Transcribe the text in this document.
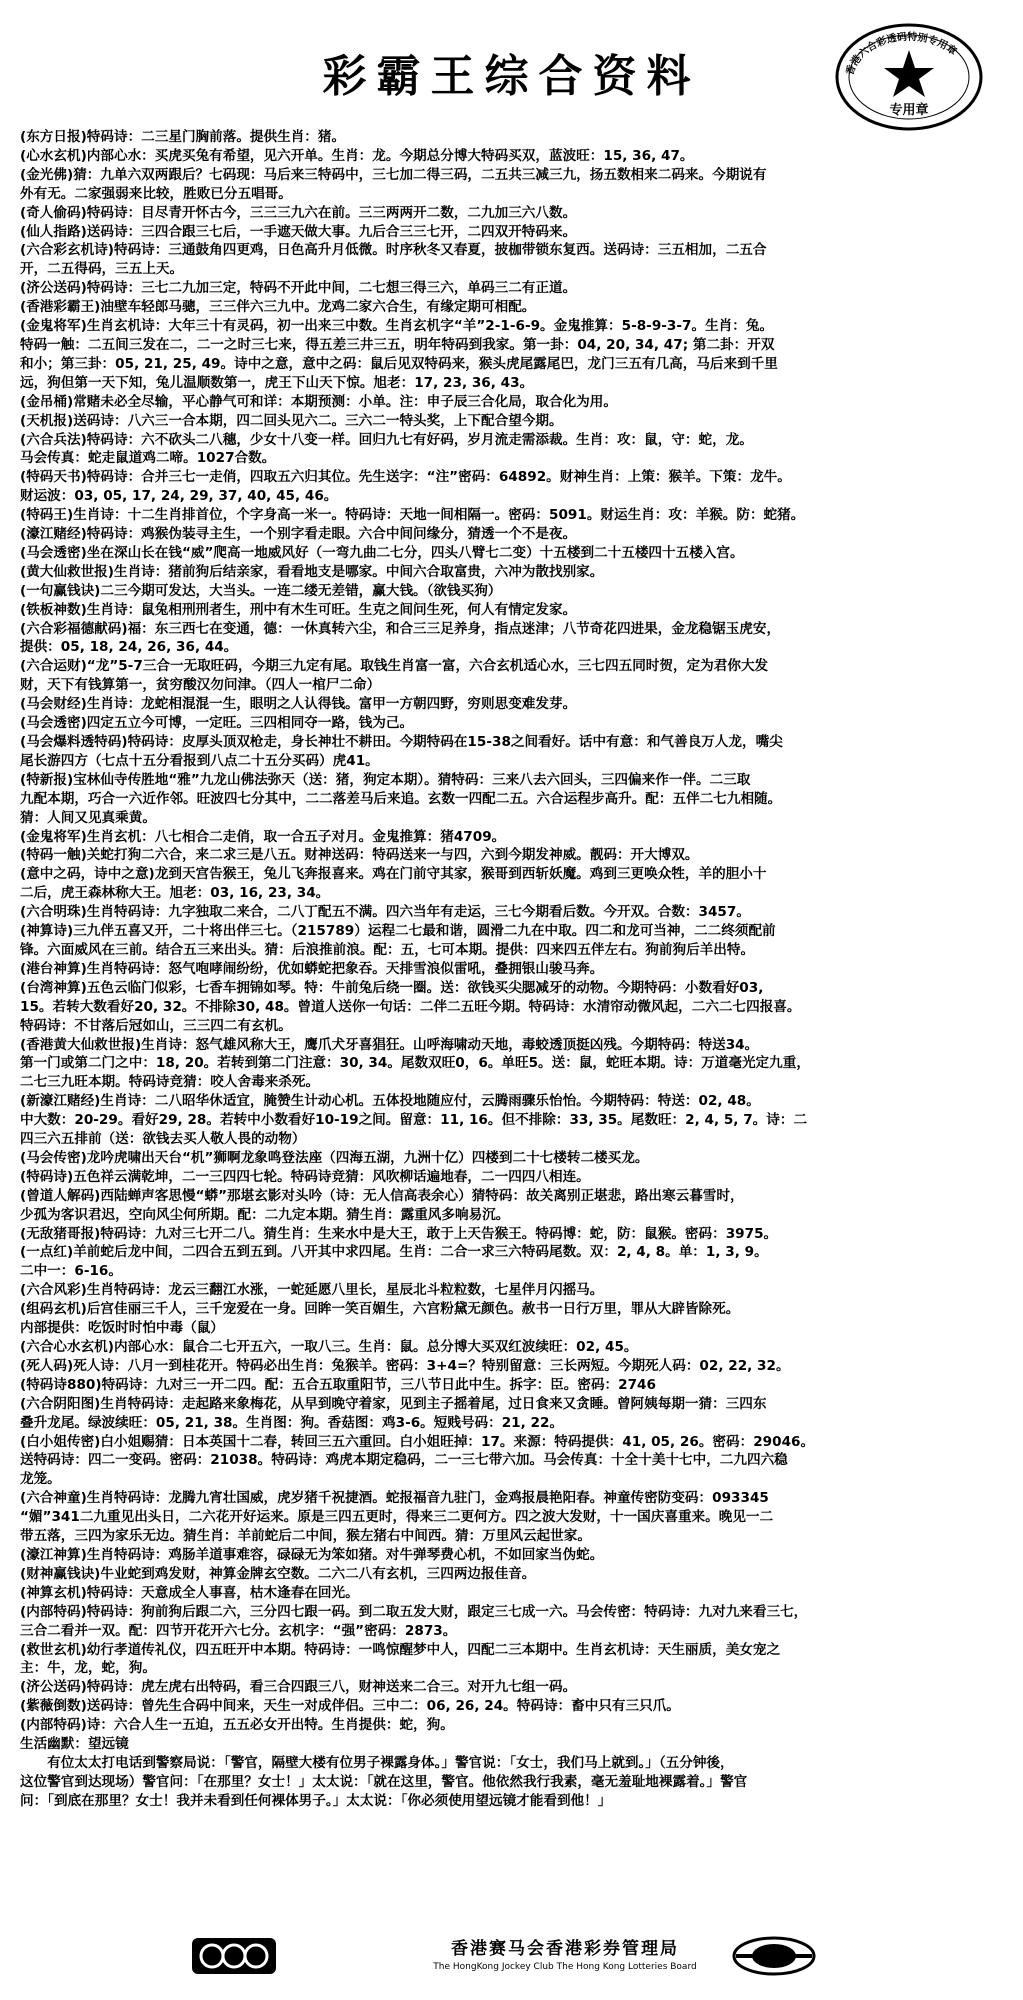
彩霸王综合资料
专用章
香港六合彩透码特别专用章
(东方日报)特码诗：二三星门胸前落。提供生肖：猪。
(心水玄机)内部心水：买虎买兔有希望，见六开单。生肖：龙。今期总分博大特码买双，蓝波旺：15, 36, 47。
(金光佛)猜：九单六双两跟后？七码现：马后来三特码中，三七加二得三码，二五共三减三九，扬五数相来二码来。今期说有
外有无。二家强弱来比较，胜败已分五唱哥。
(奇人偷码)特码诗：目尽青开怀古今，三三三九六在前。三三两两开二数，二九加三六八数。
(仙人指路)送码诗：三四合跟三七后，一手遮天做大事。九后合三三七开，二四双开特码来。
(六合彩玄机诗)特码诗：三通鼓角四更鸡，日色高升月低微。时序秋冬又春夏，披枷带锁东复西。送码诗：三五相加，二五合
开，二五得码，三五上天。
(济公送码)特码诗：三七二九加三定，特码不开此中间，二七想三得三六，单码三二有正道。
(香港彩霸王)油壁车轻郎马骢，三三伴六三九中。龙鸡二家六合生，有缘定期可相配。
(金鬼将军)生肖玄机诗：大年三十有灵码，初一出来三中数。生肖玄机字“羊”2-1-6-9。金鬼推算：5-8-9-3-7。生肖：兔。
特码一触：二五间三发在二，二一之时三七来，得五差三井三五，明年特码到我家。第一卦：04, 20, 34, 47; 第二卦：开双
和小；第三卦：05, 21, 25, 49。诗中之意，意中之码：鼠后见双特码来，猴头虎尾露尾巴，龙门三五有几高，马后来到千里
远，狗但第一天下知，兔儿温顺数第一，虎王下山天下惊。旭老：17, 23, 36, 43。
(金吊桶)常赌未必全尽输，平心静气可和详：本期预测：小单。注：申子辰三合化局，取合化为用。
(天机报)送码诗：八六三一合本期，四二回头见六二。三六二一特头奖，上下配合望今期。
(六合兵法)特码诗：六不砍头二八穗，少女十八变一样。回归九七有好码，岁月流走需添裁。生肖：攻：鼠，守：蛇，龙。
马会传真：蛇走鼠道鸡二啼。1027合数。
(特码天书)特码诗：合并三七一走俏，四取五六归其位。先生送字：“注”密码：64892。财神生肖：上策：猴羊。下策：龙牛。
财运波：03, 05, 17, 24, 29, 37, 40, 45, 46。
(特码王)生肖诗：十二生肖排首位，个字身高一米一。特码诗：天地一间相隔一。密码：5091。财运生肖：攻：羊猴。防：蛇猪。
(濠江赌经)特码诗：鸡猴伪装寻主生，一个别字看走眼。六合中间问缘分，猜透一个不是夜。
(马会透密)坐在深山长在钱“威”爬高一地威风好（一弯九曲二七分，四头八臂七二变）十五楼到二十五楼四十五楼入宫。
(黄大仙救世报)生肖诗：猪前狗后结亲家，看看地支是哪家。中间六合取富贵，六冲为散找别家。
(一句赢钱诀)二三今期可发达，大当头。一连二缕无差错，赢大钱。（欲钱买狗）
(铁板神数)生肖诗：鼠兔相刑刑者生，刑中有木生可旺。生克之间问生死，何人有情定发家。
(六合彩福德献码)福：东三西七在变通，德：一休真转六尘，和合三三足养身，指点迷津；八节奇花四进果，金龙稳锯玉虎安，
提供：05, 18, 24, 26, 36, 44。
(六合运财)“龙”5-7三合一无取旺码，今期三九定有尾。取钱生肖富一富，六合玄机适心水，三七四五同时贺，定为君你大发
财，天下有钱算第一，贫穷酸汉勿问津。（四人一棺尸二命）
(马会财经)生肖诗：龙蛇相混混一生，眼明之人认得钱。富甲一方朝四野，穷则思变难发芽。
(马会透密)四定五立今可博，一定旺。三四相同夺一路，钱为己。
(马会爆料透特码)特码诗：皮厚头顶双枪走，身长神壮不耕田。今期特码在15-38之间看好。话中有意：和气善良万人龙，嘴尖
尾长游四方（七点十五分看报到八点二十五分买码）虎41。
(特新报)宝林仙寺传胜地“雅”九龙山佛法弥天（送：猪，狗定本期）。猜特码：三来八去六回头，三四偏来作一伴。二三取
九配本期，巧合一六近作邻。旺波四七分其中，二二落差马后来追。玄数一四配二五。六合运程步高升。配：五伴二七九相随。
猜：人间又见真乘黄。
(金鬼将军)生肖玄机：八七相合二走俏，取一合五子对月。金鬼推算：猪4709。
(特码一触)关蛇打狗二六合，来二求三是八五。财神送码：特码送来一与四，六到今期发神威。靓码：开大博双。
(意中之码，诗中之意)龙到天宫告猴王，兔儿飞奔报喜来。鸡在门前守其家，猴哥到西斩妖魔。鸡到三更唤众牲，羊的胆小十
二后，虎王森林称大王。旭老：03, 16, 23, 34。
(六合明珠)生肖特码诗：九字独取二来合，二八丁配五不满。四六当年有走运，三七今期看后数。今开双。合数：3457。
(神算诗)三九伴五喜又开，二十将出伴三七。（215789）运程二七最和谐，圆滑二九在中取。四二和龙可当神，二二终须配前
锋。六面威风在三前。结合五三来出头。猜：后浪推前浪。配：五，七可本期。提供：四来四五伴左右。狗前狗后羊出特。
(港台神算)生肖特码诗：怒气咆哮闹纷纷，优如蟒蛇把象吞。天排雪浪似雷吼，叠拥银山骏马奔。
(台湾神算)五色云临门似彩，七香车拥锦如琴。特：牛前兔后绕一圈。送：欲钱买尖腮减牙的动物。今期特码：小数看好03,
15。若转大数看好20, 32。不排除30, 48。曾道人送你一句话：二伴二五旺今期。特码诗：水清帘动微风起，二六二七四报喜。
特码诗：不甘落后冠如山，三三四二有玄机。
(香港黄大仙救世报)生肖诗：怒气雄风称大王，鹰爪犬牙喜猖狂。山呼海啸动天地，毒蛟透顶挺凶残。今期特码：特送34。
第一门或第二门之中：18, 20。若转到第二门注意：30, 34。尾数双旺0，6。单旺5。送：鼠，蛇旺本期。诗：万道毫光定九重，
二七三九旺本期。特码诗竞猜：咬人舍毒来杀死。
(新濠江赌经)生肖诗：二八昭华休适宜，腌赞生计动心机。五体投地随应付，云腾雨骤乐怡怡。今期特码：特送：02, 48。
中大数：20-29。看好29, 28。若转中小数看好10-19之间。留意：11, 16。但不排除：33, 35。尾数旺：2, 4, 5, 7。诗：二
四三六五排前（送：欲钱去买人敬人畏的动物）
(马会传密)龙吟虎啸出天台“机”狮啊龙象鸣登法座（四海五湖，九洲十亿）四楼到二十七楼转二楼买龙。
(特码诗)五色祥云满乾坤，二一三四四七轮。特码诗竞猜：风吹柳话遍地春，二一四四八相连。
(曾道人解码)西陆蝉声客思慢“蟒”那堪玄影对头吟（诗：无人信高表余心）猜特码：故关离别正堪悲，路出寒云暮雪时，
少孤为客识君迟，空向风尘何所期。配：二九定本期。猜生肖：露重风多响易沉。
(无敌猪哥报)特码诗：九对三七开二八。猜生肖：生来水中是大王，敢于上天告猴王。特码博：蛇，防：鼠猴。密码：3975。
(一点红)羊前蛇后龙中间，二四合五到五到。八开其中求四尾。生肖：二合一求三六特码尾数。双：2, 4, 8。单：1, 3, 9。
二中一：6-16。
(六合风彩)生肖特码诗：龙云三翻江水涨，一蛇延愿八里长，星辰北斗粒粒数，七星伴月闪摇马。
(组码玄机)后宫佳丽三千人，三千宠爱在一身。回眸一笑百媚生，六宫粉黛无颜色。赦书一日行万里，罪从大辟皆除死。
内部提供：吃饭时时怕中毒（鼠）
(六合心水玄机)内部心水：鼠合二七开五六，一取八三。生肖：鼠。总分博大买双红波续旺：02, 45。
(死人码)死人诗：八月一到桂花开。特码必出生肖：兔猴羊。密码：3+4=？特别留意：三长两短。今期死人码：02, 22, 32。
(特码诗880)特码诗：九对三一开二四。配：五合五取重阳节，三八节日此中生。拆字：臣。密码：2746
(六合阴阳图)生肖特码诗：走起路来象梅花，从早到晚守着家，见到主子摇着尾，过日食来又贪睡。曾阿姨每期一猜：三四东
叠升龙尾。绿波续旺：05, 21, 38。生肖图：狗。香菇图：鸡3-6。短贱号码：21, 22。
(白小姐传密)白小姐赐猜：日本英国十二春，转回三五六重回。白小姐旺掉：17。来源：特码提供：41, 05, 26。密码：29046。
送特码诗：四二一变码。密码：21038。特码诗：鸡虎本期定稳码，二一三七带六加。马会传真：十全十美十七中，二九四六稳
龙笼。
(六合神童)生肖特码诗：龙腾九宵壮国威，虎岁猪千祝捷酒。蛇报福音九驻门，金鸡报晨艳阳春。神童传密防变码：093345
“媚”341二九重见出头日，二六花开好运来。原是三四五更时，得来三二更何方。四之波大发财，十一国庆喜重来。晚见一二
带五落，三四为家乐无边。猜生肖：羊前蛇后二中间，猴左猪右中间西。猜：万里风云起世家。
(濠江神算)生肖特码诗：鸡肠羊道事难容，碌碌无为笨如猪。对牛弹琴费心机，不如回家当伪蛇。
(财神赢钱诀)牛业蛇到鸡发财，神算金牌玄空数。二六二八有玄机，三四两边报佳音。
(神算玄机)特码诗：天意成全人事喜，枯木逢春在回光。
(内部特码)特码诗：狗前狗后跟二六，三分四七跟一码。到二取五发大财，跟定三七成一六。马会传密：特码诗：九对九来看三七，
三合二看并一双。配：四节开花开六七分。玄机字：“强”密码：2873。
(救世玄机)幼行孝道传礼仪，四五旺开中本期。特码诗：一鸣惊醒梦中人，四配二三本期中。生肖玄机诗：天生丽质，美女宠之
主：牛，龙，蛇，狗。
(济公送码)特码诗：虎左虎右出特码，看三合四跟三八，财神送来二合三。对开九七组一码。
(紫薇倒数)送码诗：曾先生合码中间来，天生一对成伴侣。三中二：06, 26, 24。特码诗：畜中只有三只爪。
(内部特码)诗：六合人生一五迫，五五必女开出特。生肖提供：蛇，狗。
生活幽默：望远镜
　　有位太太打电话到警察局说：「警官，隔壁大楼有位男子裸露身体。」警官说：「女士，我们马上就到。」（五分钟後，
这位警官到达现场）警官问：「在那里？女士！」太太说：「就在这里，警官。他依然我行我素，毫无羞耻地裸露着。」警官
问：「到底在那里？女士！我并未看到任何裸体男子。」太太说：「你必须使用望远镜才能看到他！」
香港赛马会香港彩券管理局
The HongKong Jockey Club The Hong Kong Lotteries Board
